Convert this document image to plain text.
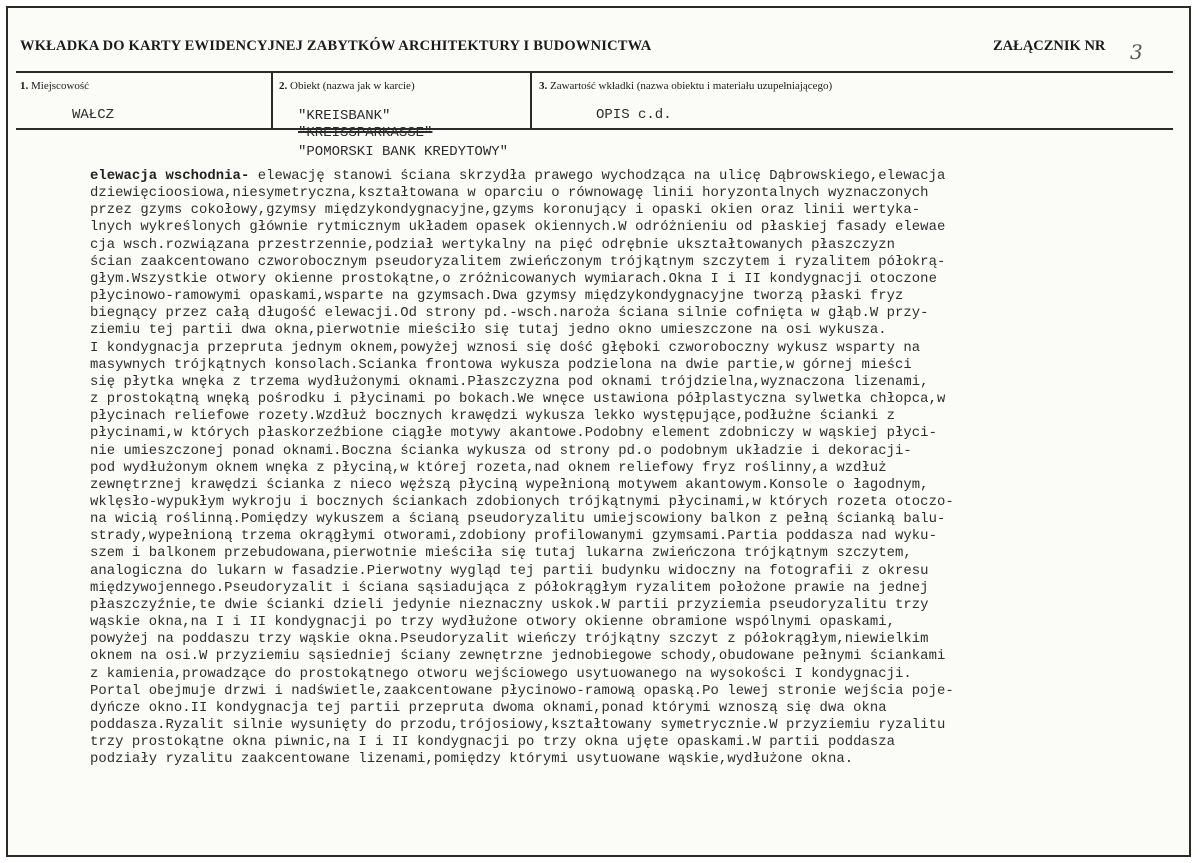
WKŁADKA DO KARTY EWIDENCYJNEJ ZABYTKÓW ARCHITEKTURY I BUDOWNICTWA	ZAŁĄCZNIK NR 3
1. Miejscowość
WAŁCZ
2. Obiekt (nazwa jak w karcie)
"KREISBANK"
"KREISSPARKASSE"
"POMORSKI BANK KREDYTOWY"
3. Zawartość wkładki (nazwa obiektu i materiału uzupełniającego)
OPIS c.d.
elewacja wschodnia- elewację stanowi ściana skrzydła prawego wychodząca na ulicę Dąbrowskiego,elewacja
dziewięcioosiowa,niesymetryczna,kształtowana w oparciu o równowagę linii horyzontalnych wyznaczonych
przez gzyms cokołowy,gzymsy międzykondygnacyjne,gzyms koronujący i opaski okien oraz linii wertyka-
lnych wykreślonych głównie rytmicznym układem opasek okiennych.W odróżnieniu od płaskiej fasady elewae
cja wsch.rozwiązana przestrzennie,podział wertykalny na pięć odrębnie ukształtowanych płaszczyzn
ścian zaakcentowano czworobocznym pseudoryzalitem zwieńczonym trójkątnym szczytem i ryzalitem półokrą-
głym.Wszystkie otwory okienne prostokątne,o zróżnicowanych wymiarach.Okna I i II kondygnacji otoczone
płycinowo-ramowymi opaskami,wsparte na gzymsach.Dwa gzymsy międzykondygnacyjne tworzą płaski fryz
biegnący przez całą długość elewacji.Od strony pd.-wsch.naroża ściana silnie cofnięta w głąb.W przy-
ziemiu tej partii dwa okna,pierwotnie mieściło się tutaj jedno okno umieszczone na osi wykusza.
I kondygnacja przeprutа jednym oknem,powyżej wznosi się dość głęboki czworoboczny wykusz wsparty na
masywnych trójkątnych konsolach.Scianka frontowa wykusza podzielona na dwie partie,w górnej mieści
się płytka wnęka z trzema wydłużonymi oknami.Płaszczyzna pod oknami trójdzielna,wyznaczona lizenami,
z prostokątną wnęką pośrodku i płycinami po bokach.We wnęce ustawiona półplastyczna sylwetka chłopca,w
płycinach reliefowe rozety.Wzdłuż bocznych krawędzi wykusza lekko występujące,podłużne ścianki z
płycinami,w których płaskorzeźbione ciągłe motywy akantowe.Podobny element zdobniczy w wąskiej płyci-
nie umieszczonej ponad oknami.Boczna ścianka wykusza od strony pd.o podobnym układzie i dekoracji-
pod wydłużonym oknem wnęka z płyciną,w której rozeta,nad oknem reliefowy fryz roślinny,a wzdłuż
zewnętrznej krawędzi ścianka z nieco węższą płyciną wypełnioną motywem akantowym.Konsole o łagodnym,
wklęsło-wypukłym wykroju i bocznych ściankach zdobionych trójkątnymi płycinami,w których rozeta otoczo-
na wicią roślinną.Pomiędzy wykuszem a ścianą pseudoryzalitu umiejscowiony balkon z pełną ścianką balu-
strady,wypełnioną trzema okrągłymi otworami,zdobiony profilowanymi gzymsami.Partia poddasza nad wyku-
szem i balkonem przebudowana,pierwotnie mieściła się tutaj lukarna zwieńczona trójkątnym szczytem,
analogiczna do lukarn w fasadzie.Pierwotny wygląd tej partii budynku widoczny na fotografii z okresu
międzywojennego.Pseudoryzalit i ściana sąsiadująca z półokrągłym ryzalitem położone prawie na jednej
płaszczyźnie,te dwie ścianki dzieli jedynie nieznaczny uskok.W partii przyziemia pseudoryzalitu trzy
wąskie okna,na I i II kondygnacji po trzy wydłużone otwory okienne obramione wspólnymi opaskami,
powyżej na poddaszu trzy wąskie okna.Pseudoryzalit wieńczy trójkątny szczyt z półokrągłym,niewielkim
oknem na osi.W przyziemiu sąsiedniej ściany zewnętrzne jednobiegowe schody,obudowane pełnymi ściankami
z kamienia,prowadzące do prostokątnego otworu wejściowego usytuowanego na wysokości I kondygnacji.
Portal obejmuje drzwi i nadświetle,zaakcentowane płycinowo-ramową opaską.Po lewej stronie wejścia poje-
dyńcze okno.II kondygnacja tej partii przepruta dwoma oknami,ponad którymi wznoszą się dwa okna
poddasza.Ryzalit silnie wysunięty do przodu,trójosiowy,kształtowany symetrycznie.W przyziemiu ryzalitu
trzy prostokątne okna piwnic,na I i II kondygnacji po trzy okna ujęte opaskami.W partii poddasza
podziały ryzalitu zaakcentowane lizenami,pomiędzy którymi usytuowane wąskie,wydłużone okna.
